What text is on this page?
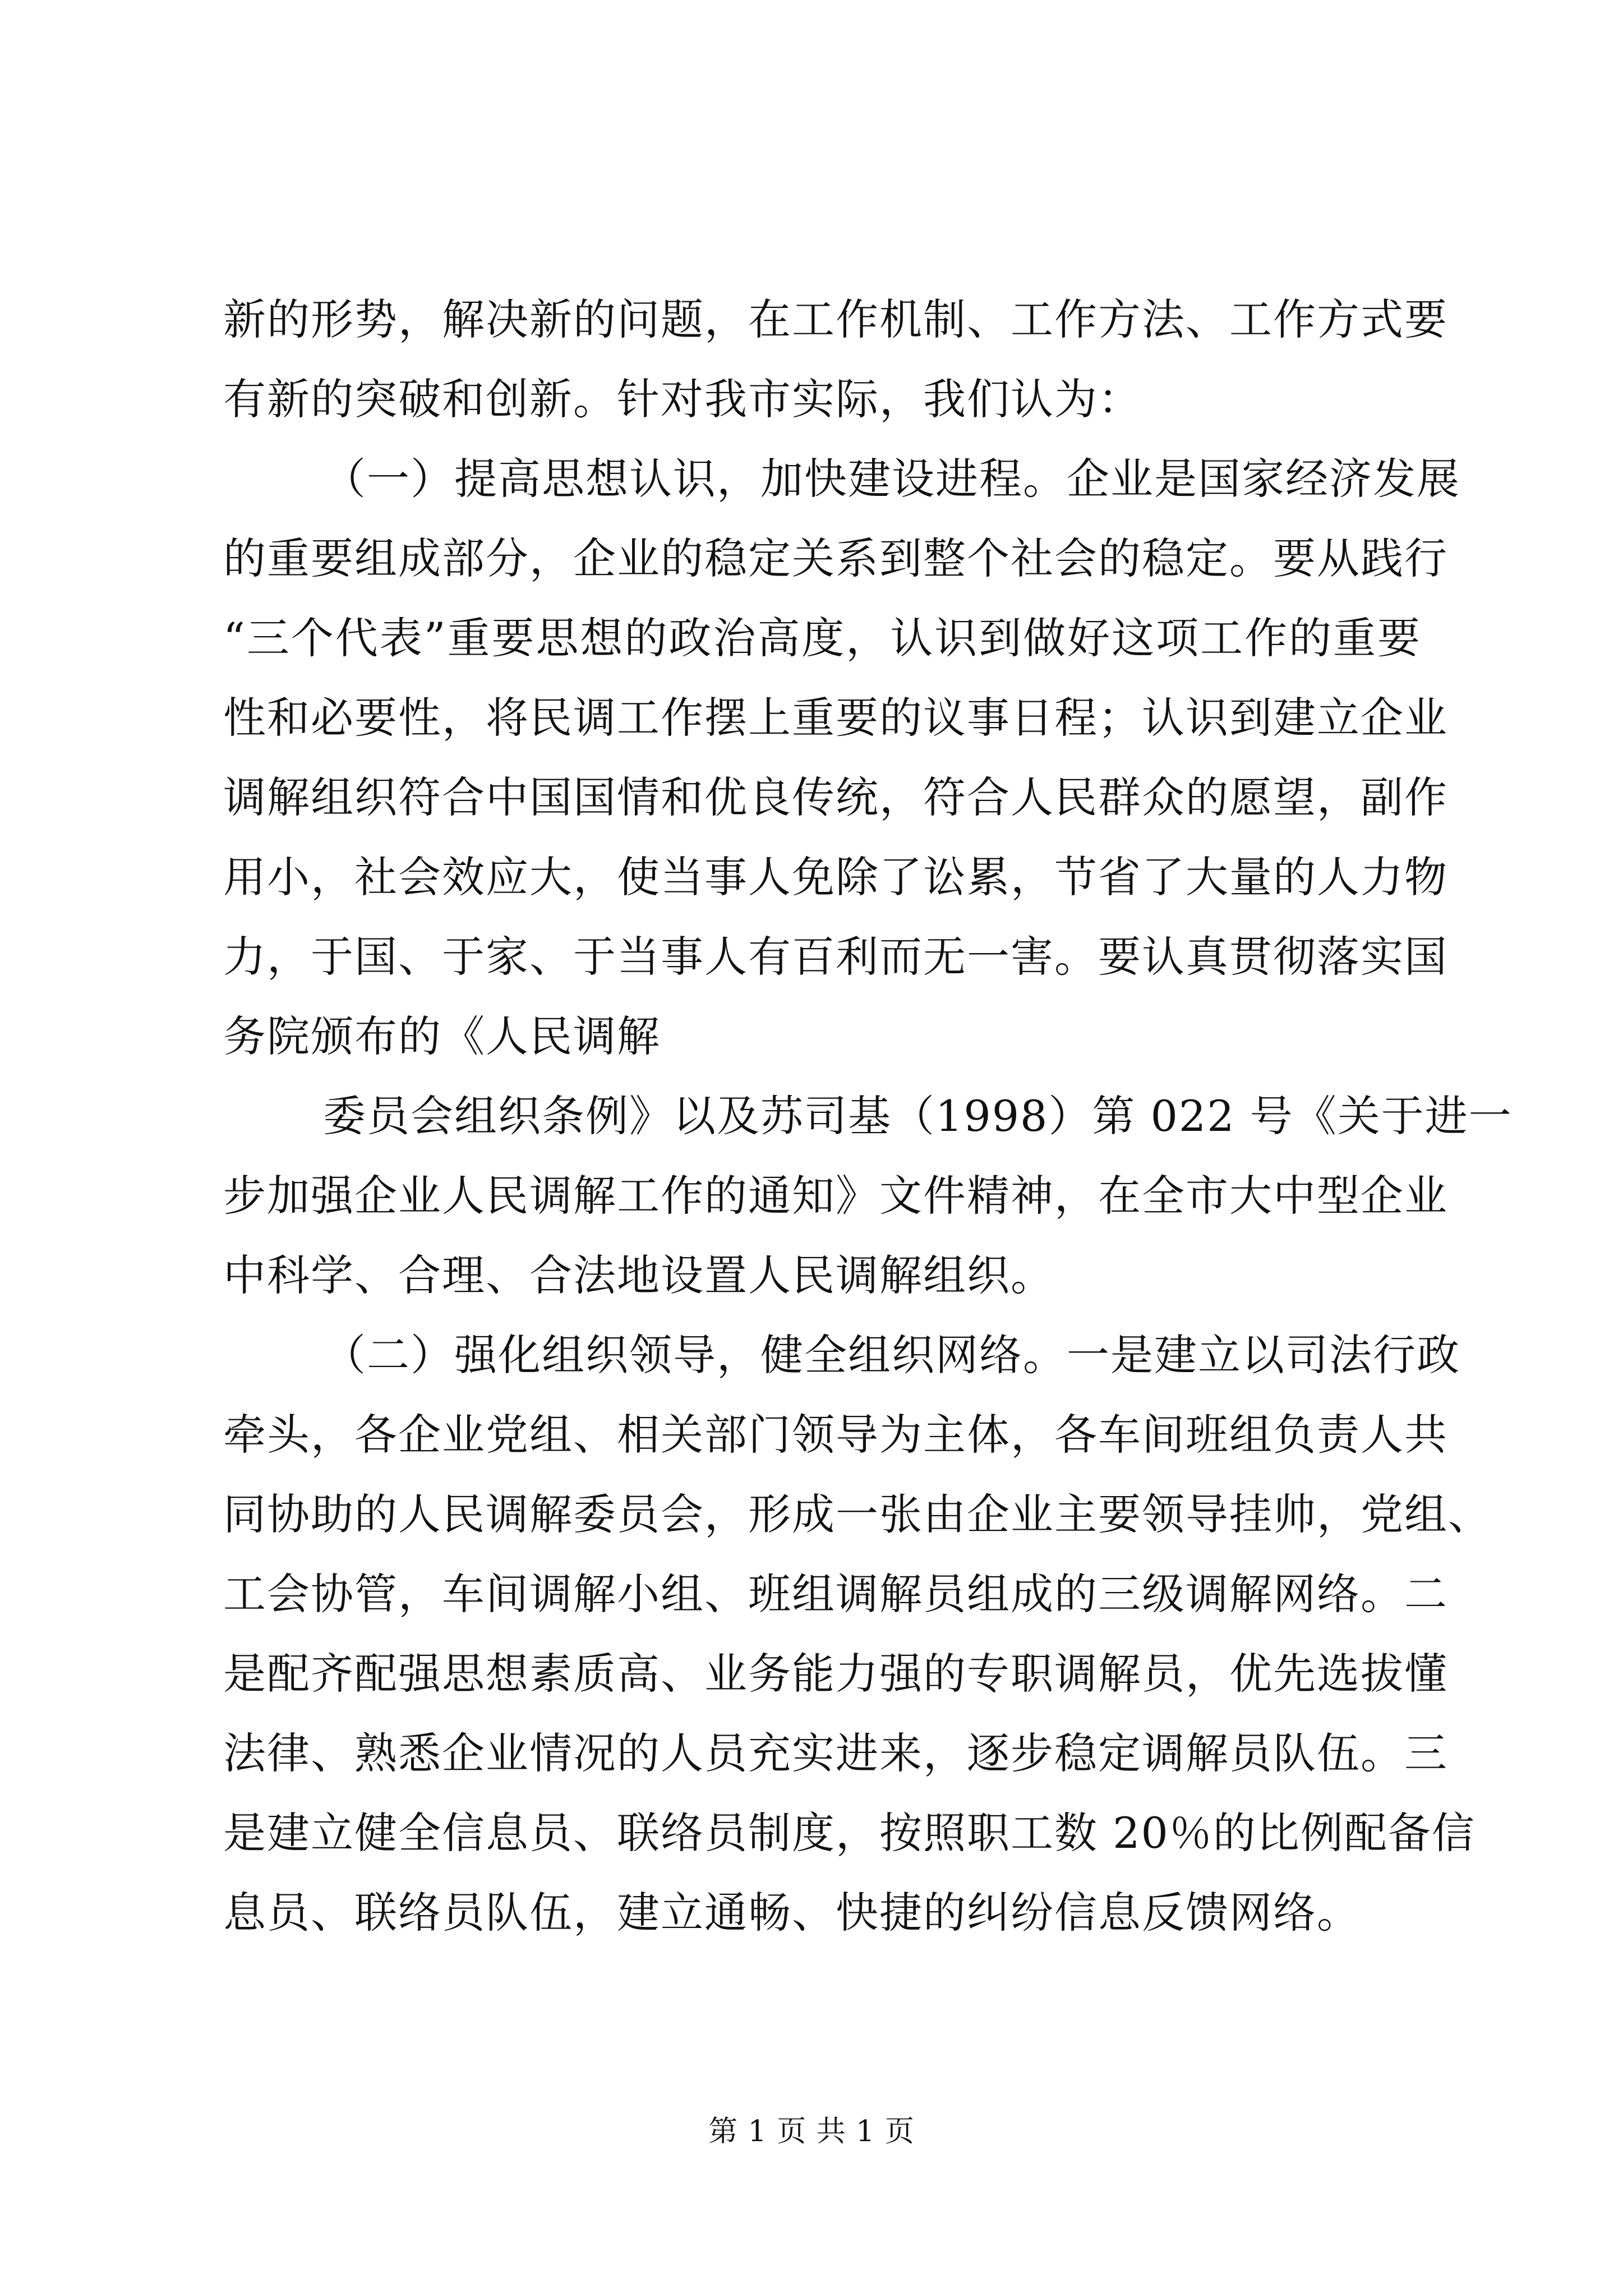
新的形势，解决新的问题，在工作机制、工作方法、工作方式要

有新的突破和创新。针对我市实际，我们认为：

（一）提高思想认识，加快建设进程。企业是国家经济发展

的重要组成部分，企业的稳定关系到整个社会的稳定。要从践行

“三个代表”重要思想的政治高度，认识到做好这项工作的重要

性和必要性，将民调工作摆上重要的议事日程；认识到建立企业

调解组织符合中国国情和优良传统，符合人民群众的愿望，副作

用小，社会效应大，使当事人免除了讼累，节省了大量的人力物

力，于国、于家、于当事人有百利而无一害。要认真贯彻落实国

务院颁布的《人民调解

委员会组织条例》以及苏司基（1998）第 022 号《关于进一

步加强企业人民调解工作的通知》文件精神，在全市大中型企业

中科学、合理、合法地设置人民调解组织。

（二）强化组织领导，健全组织网络。一是建立以司法行政

牵头，各企业党组、相关部门领导为主体，各车间班组负责人共

同协助的人民调解委员会，形成一张由企业主要领导挂帅，党组、

工会协管，车间调解小组、班组调解员组成的三级调解网络。二

是配齐配强思想素质高、业务能力强的专职调解员，优先选拔懂

法律、熟悉企业情况的人员充实进来，逐步稳定调解员队伍。三

是建立健全信息员、联络员制度，按照职工数 20％的比例配备信

息员、联络员队伍，建立通畅、快捷的纠纷信息反馈网络。

第 1 页 共 1 页
